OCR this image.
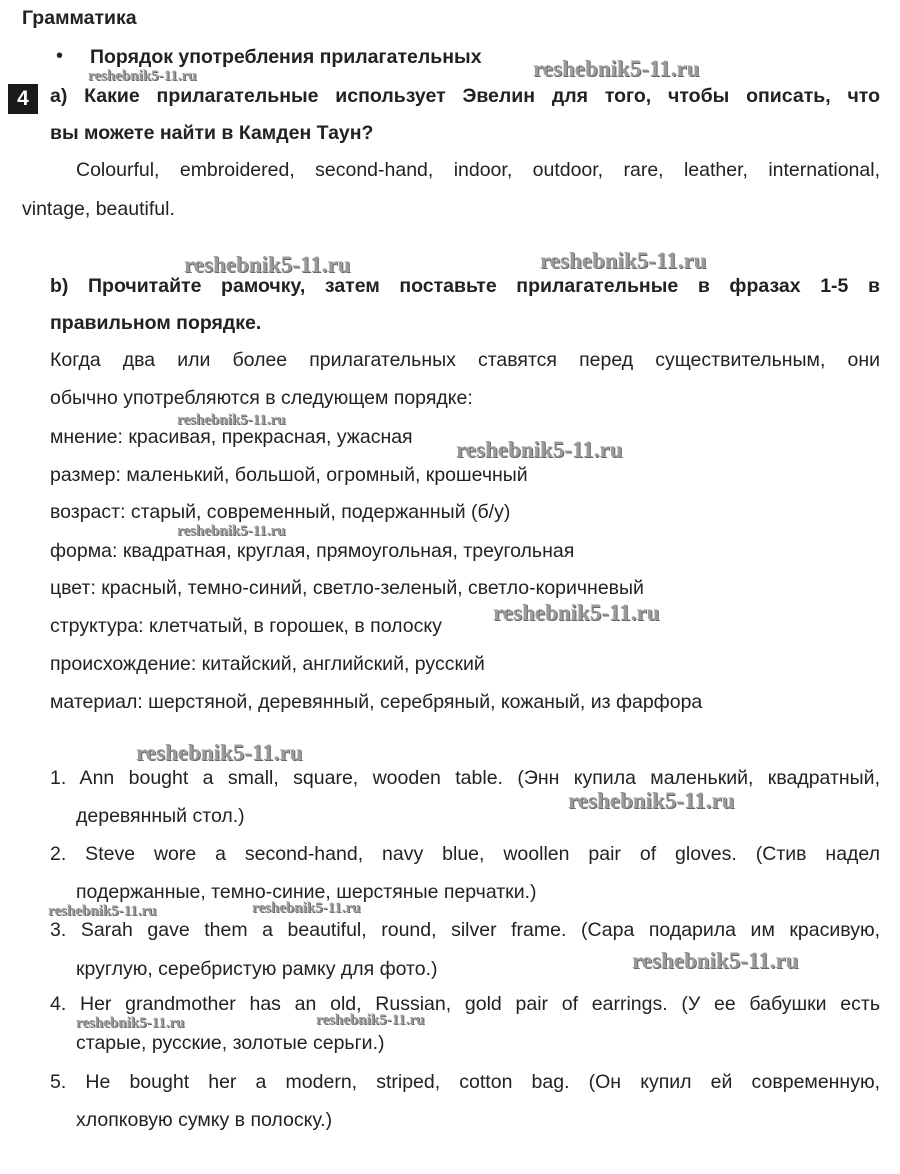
Грамматика
• Порядок употребления прилагательных
4	a) Какие прилагательные использует Эвелин для того, чтобы описать, что
вы можете найти в Камден Таун?
Colourful, embroidered, second-hand, indoor, outdoor, rare, leather, international,
vintage, beautiful.
b) Прочитайте рамочку, затем поставьте прилагательные в фразах 1-5 в
правильном порядке.
Когда два или более прилагательных ставятся перед существительным, они
обычно употребляются в следующем порядке:
мнение: красивая, прекрасная, ужасная
размер: маленький, большой, огромный, крошечный
возраст: старый, современный, подержанный (б/у)
форма: квадратная, круглая, прямоугольная, треугольная
цвет: красный, темно-синий, светло-зеленый, светло-коричневый
структура: клетчатый, в горошек, в полоску
происхождение: китайский, английский, русский
материал: шерстяной, деревянный, серебряный, кожаный, из фарфора
1. Ann bought a small, square, wooden table. (Энн купила маленький, квадратный,
деревянный стол.)
2. Steve wore a second-hand, navy blue, woollen pair of gloves. (Стив надел
подержанные, темно-синие, шерстяные перчатки.)
3. Sarah gave them a beautiful, round, silver frame. (Сара подарила им красивую,
круглую, серебристую рамку для фото.)
4. Her grandmother has an old, Russian, gold pair of earrings. (У ее бабушки есть
старые, русские, золотые серьги.)
5. He bought her a modern, striped, cotton bag. (Он купил ей современную,
хлопковую сумку в полоску.)
reshebnik5-11.ru	reshebnik5-11.ru
reshebnik5-11.ru	reshebnik5-11.ru
reshebnik5-11.ru
reshebnik5-11.ru
reshebnik5-11.ru
reshebnik5-11.ru
reshebnik5-11.ru
reshebnik5-11.ru
reshebnik5-11.ru	reshebnik5-11.ru
reshebnik5-11.ru
reshebnik5-11.ru	reshebnik5-11.ru
